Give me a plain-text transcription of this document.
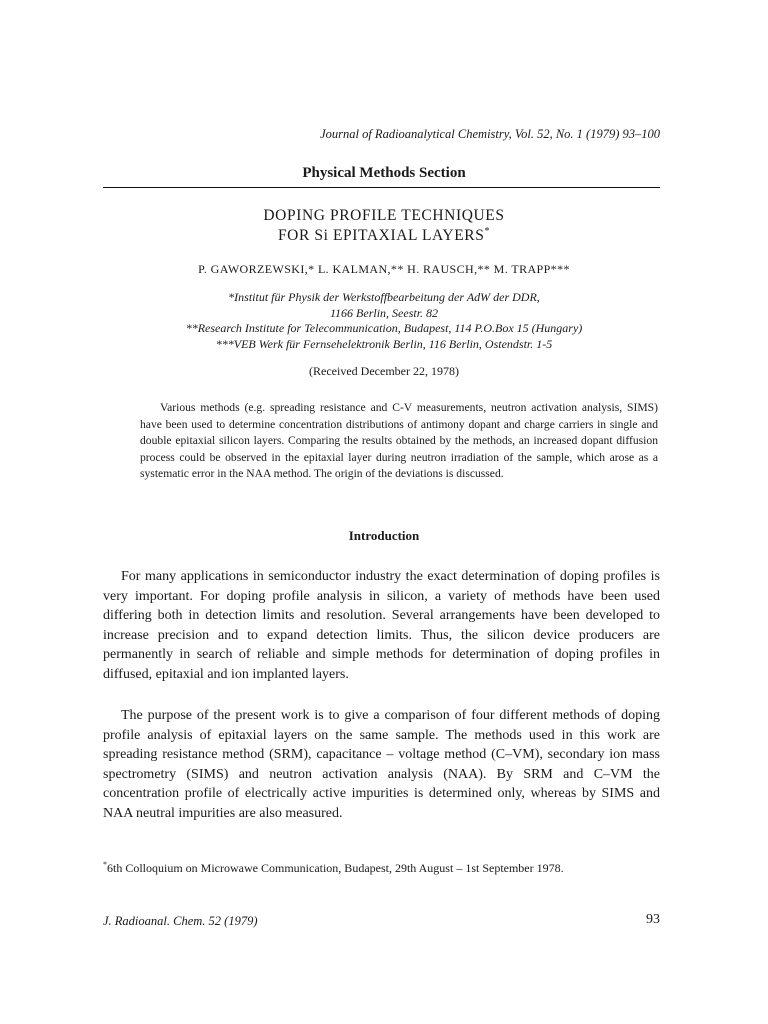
Journal of Radioanalytical Chemistry, Vol. 52, No. 1 (1979) 93–100
Physical Methods Section
DOPING PROFILE TECHNIQUES
FOR Si EPITAXIAL LAYERS*
P. GAWORZEWSKI,* L. KALMAN,** H. RAUSCH,** M. TRAPP***
*Institut für Physik der Werkstoffbearbeitung der AdW der DDR,
1166 Berlin, Seestr. 82
**Research Institute for Telecommunication, Budapest, 114 P.O.Box 15 (Hungary)
***VEB Werk für Fernsehelektronik Berlin, 116 Berlin, Ostendstr. 1-5
(Received December 22, 1978)

Various methods (e.g. spreading resistance and C-V measurements, neutron activation analysis, SIMS) have been used to determine concentration distributions of antimony dopant and charge carriers in single and double epitaxial silicon layers. Comparing the results obtained by the methods, an increased dopant diffusion process could be observed in the epitaxial layer during neutron irradiation of the sample, which arose as a systematic error in the NAA method. The origin of the deviations is discussed.

Introduction

For many applications in semiconductor industry the exact determination of doping profiles is very important. For doping profile analysis in silicon, a variety of methods have been used differing both in detection limits and resolution. Several arrangements have been developed to increase precision and to expand detection limits. Thus, the silicon device producers are permanently in search of reliable and simple methods for determination of doping profiles in diffused, epitaxial and ion implanted layers.

The purpose of the present work is to give a comparison of four different methods of doping profile analysis of epitaxial layers on the same sample. The methods used in this work are spreading resistance method (SRM), capacitance – voltage method (C–VM), secondary ion mass spectrometry (SIMS) and neutron activation analysis (NAA). By SRM and C–VM the concentration profile of electrically active impurities is determined only, whereas by SIMS and NAA neutral impurities are also measured.

*6th Colloquium on Microwawe Communication, Budapest, 29th August – 1st September 1978.

J. Radioanal. Chem. 52 (1979)	93
